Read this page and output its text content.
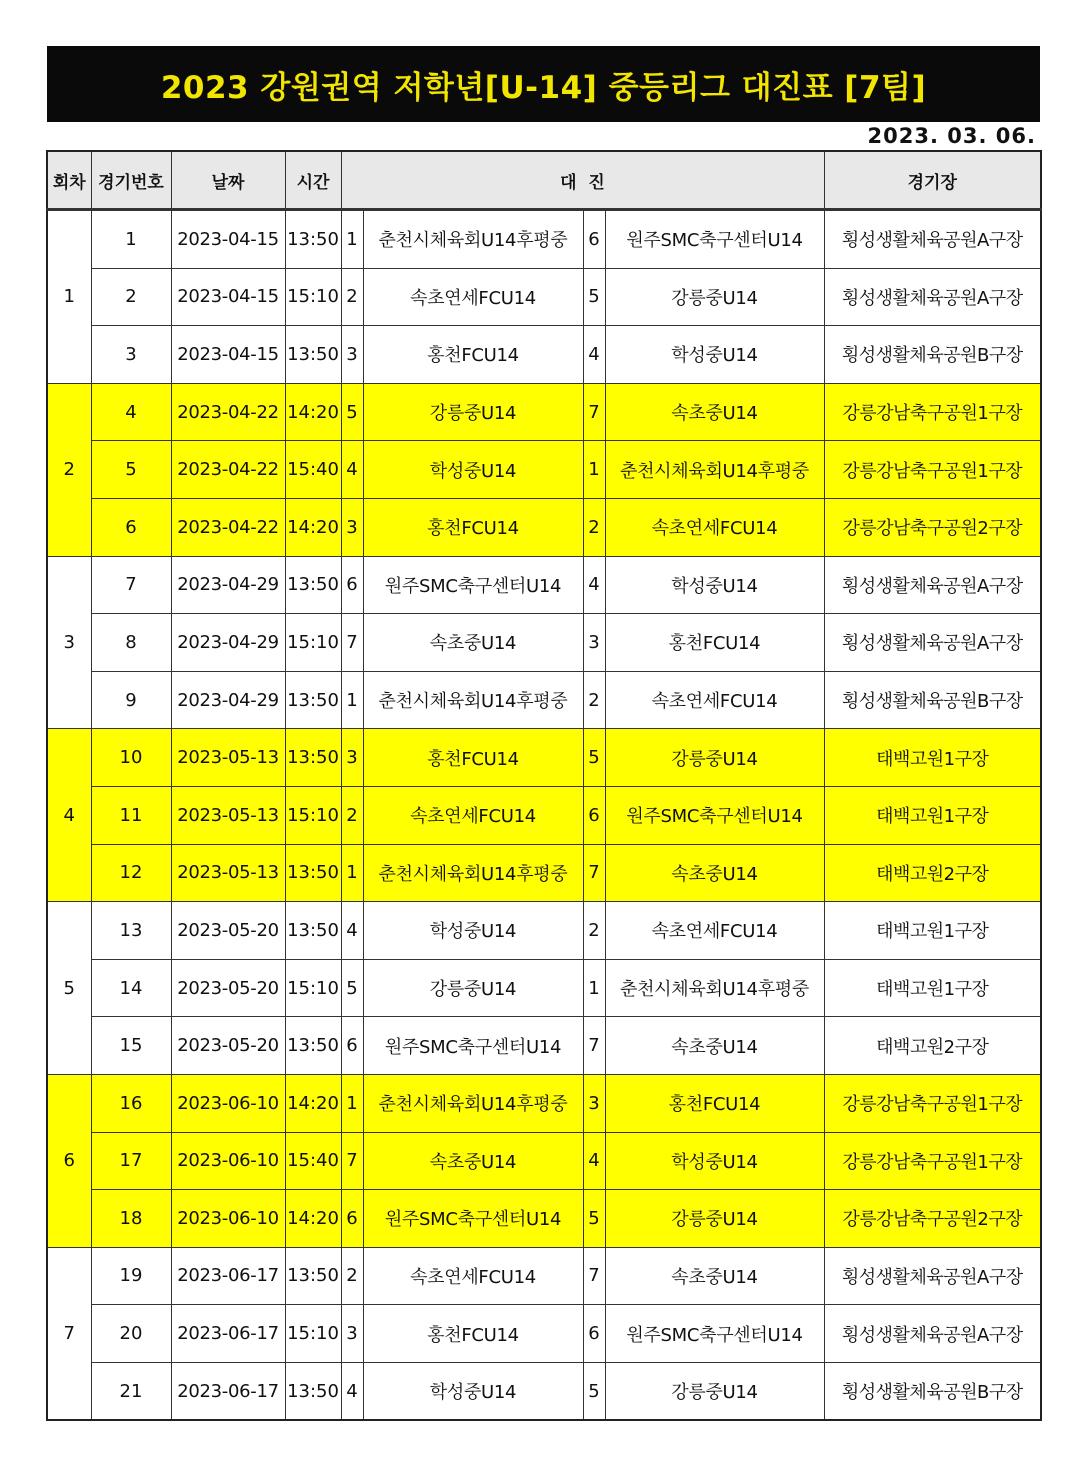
2023 강원권역 저학년[U-14] 중등리그 대진표 [7팀]
2023. 03. 06.
회차	경기번호	날짜	시간	대  진				경기장
1	1	2023-04-15	13:50	1	춘천시체육회U14후평중	6	원주SMC축구센터U14	횡성생활체육공원A구장
	2	2023-04-15	15:10	2	속초연세FCU14	5	강릉중U14	횡성생활체육공원A구장
	3	2023-04-15	13:50	3	홍천FCU14	4	학성중U14	횡성생활체육공원B구장
2	4	2023-04-22	14:20	5	강릉중U14	7	속초중U14	강릉강남축구공원1구장
	5	2023-04-22	15:40	4	학성중U14	1	춘천시체육회U14후평중	강릉강남축구공원1구장
	6	2023-04-22	14:20	3	홍천FCU14	2	속초연세FCU14	강릉강남축구공원2구장
3	7	2023-04-29	13:50	6	원주SMC축구센터U14	4	학성중U14	횡성생활체육공원A구장
	8	2023-04-29	15:10	7	속초중U14	3	홍천FCU14	횡성생활체육공원A구장
	9	2023-04-29	13:50	1	춘천시체육회U14후평중	2	속초연세FCU14	횡성생활체육공원B구장
4	10	2023-05-13	13:50	3	홍천FCU14	5	강릉중U14	태백고원1구장
	11	2023-05-13	15:10	2	속초연세FCU14	6	원주SMC축구센터U14	태백고원1구장
	12	2023-05-13	13:50	1	춘천시체육회U14후평중	7	속초중U14	태백고원2구장
5	13	2023-05-20	13:50	4	학성중U14	2	속초연세FCU14	태백고원1구장
	14	2023-05-20	15:10	5	강릉중U14	1	춘천시체육회U14후평중	태백고원1구장
	15	2023-05-20	13:50	6	원주SMC축구센터U14	7	속초중U14	태백고원2구장
6	16	2023-06-10	14:20	1	춘천시체육회U14후평중	3	홍천FCU14	강릉강남축구공원1구장
	17	2023-06-10	15:40	7	속초중U14	4	학성중U14	강릉강남축구공원1구장
	18	2023-06-10	14:20	6	원주SMC축구센터U14	5	강릉중U14	강릉강남축구공원2구장
7	19	2023-06-17	13:50	2	속초연세FCU14	7	속초중U14	횡성생활체육공원A구장
	20	2023-06-17	15:10	3	홍천FCU14	6	원주SMC축구센터U14	횡성생활체육공원A구장
	21	2023-06-17	13:50	4	학성중U14	5	강릉중U14	횡성생활체육공원B구장
